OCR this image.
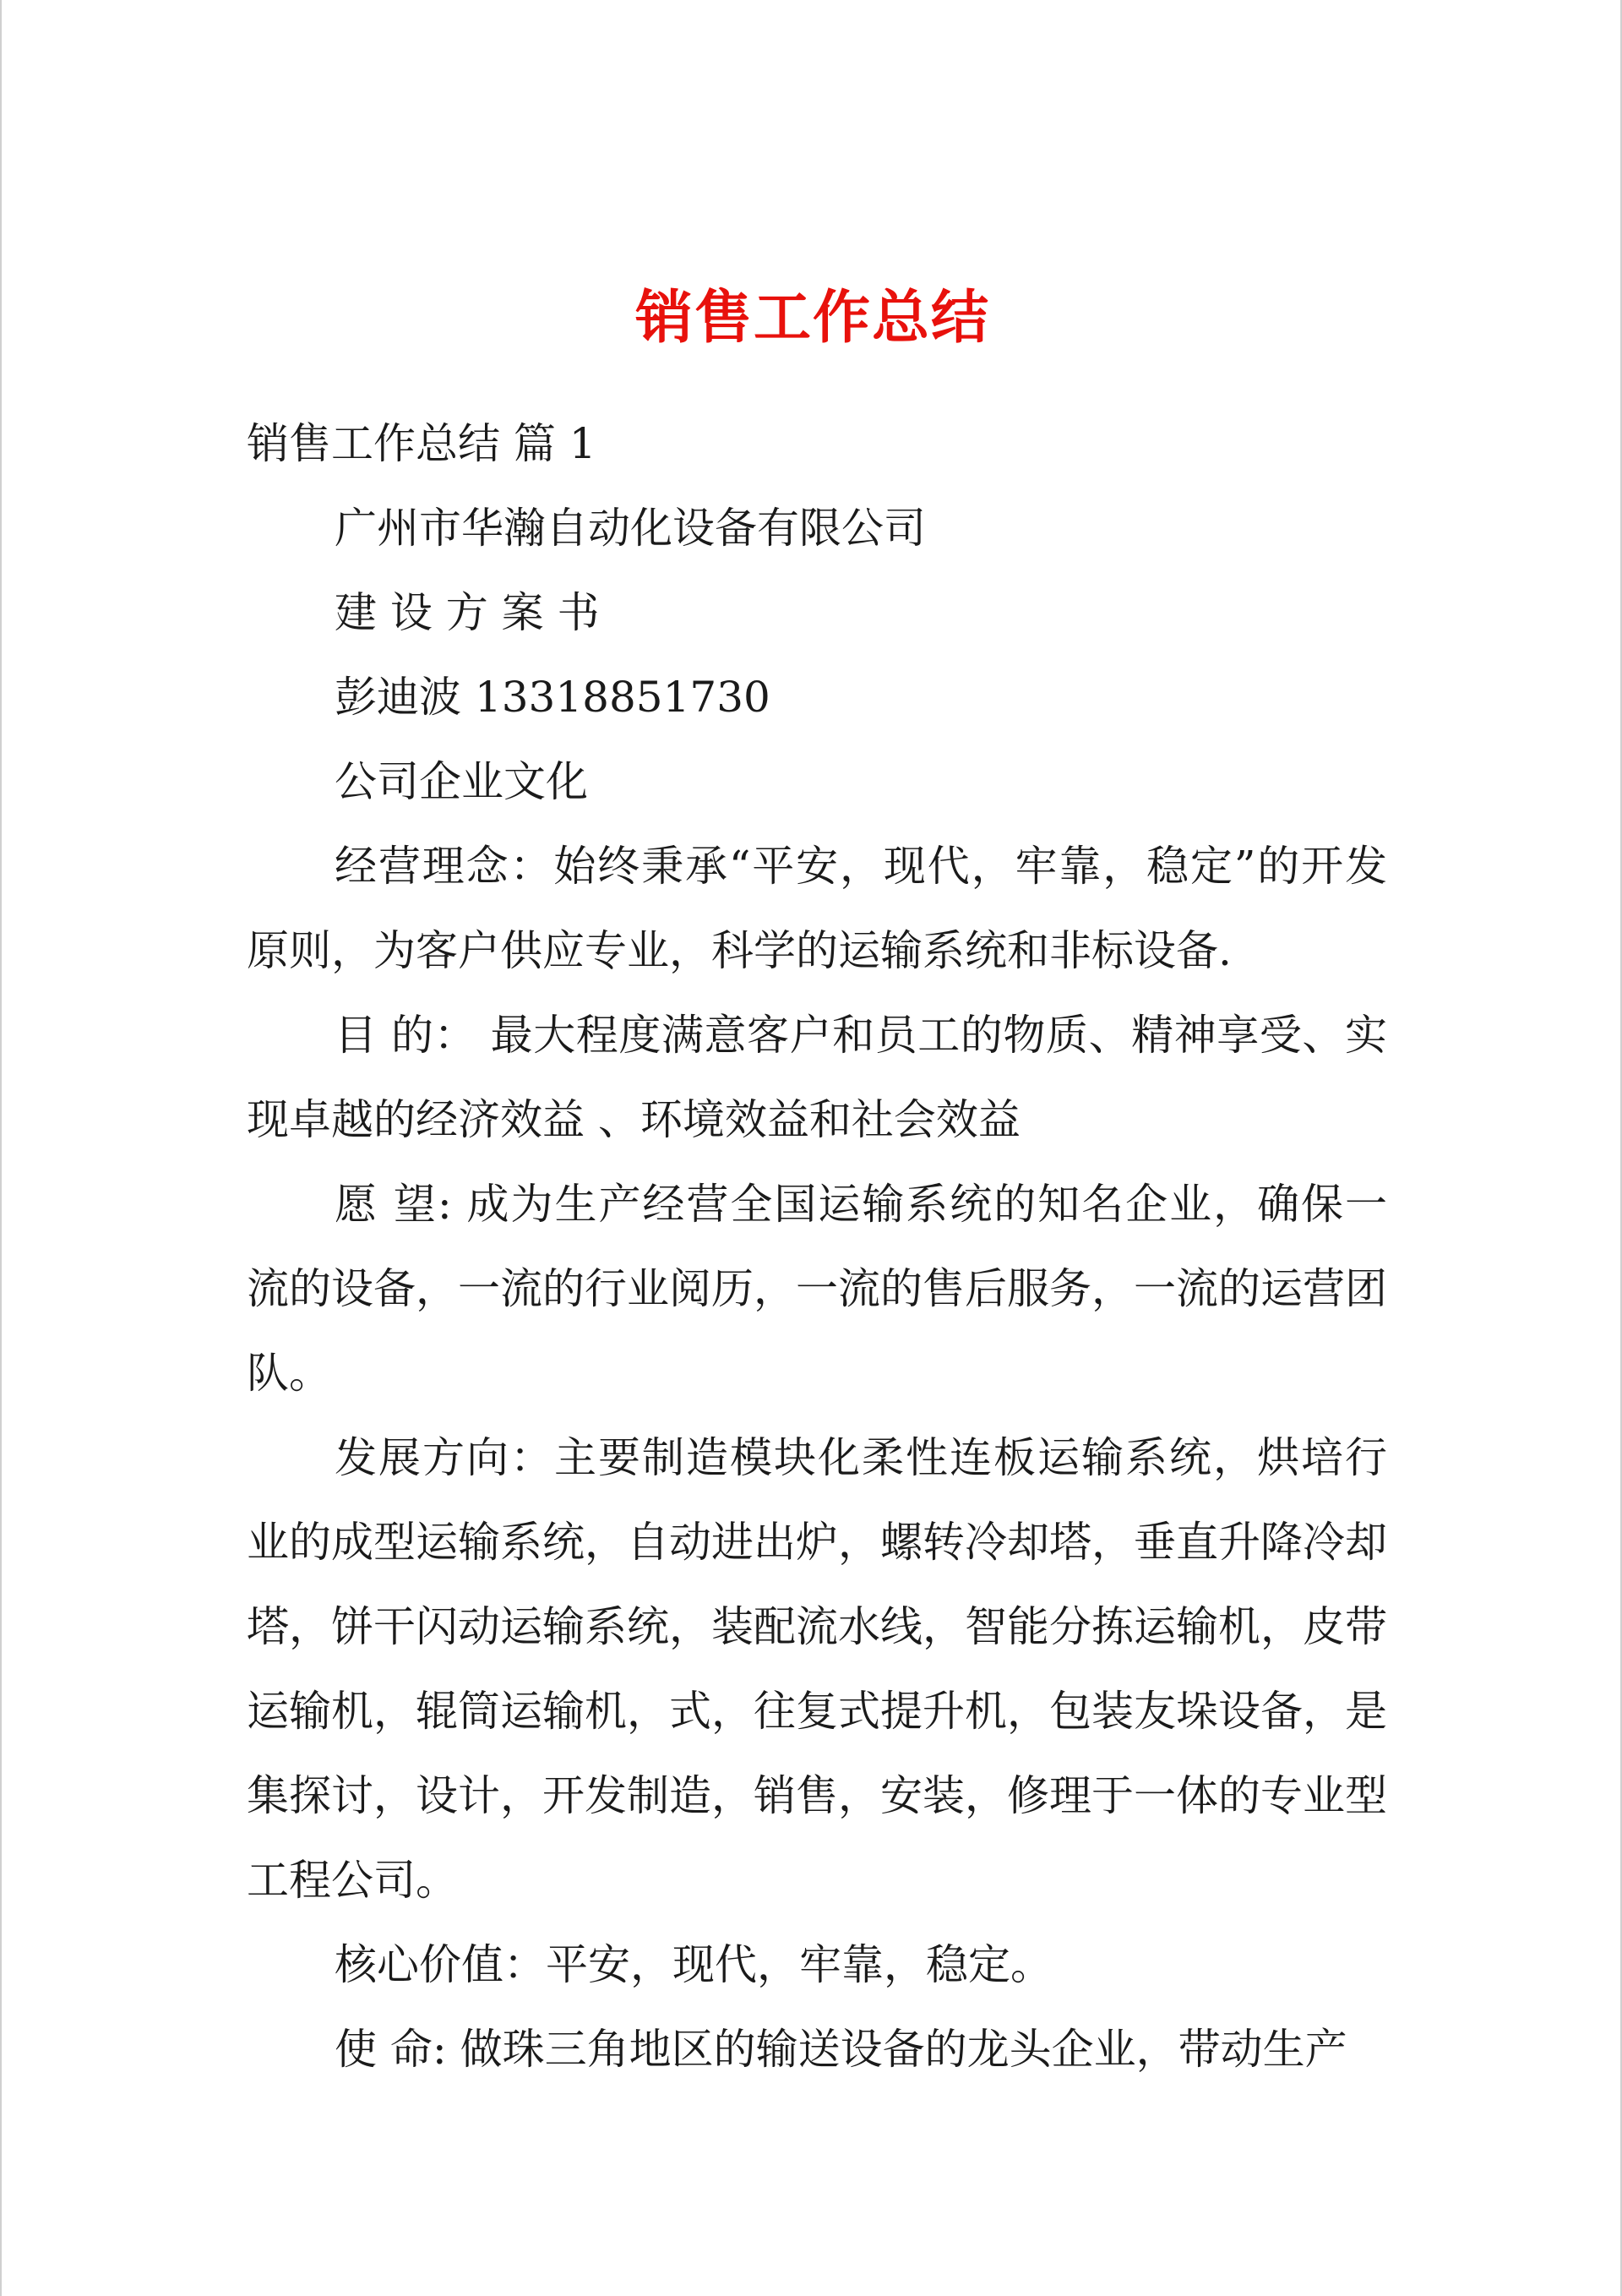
销售工作总结

销售工作总结 篇 1

广州市华瀚自动化设备有限公司

建 设 方 案 书

彭迪波 13318851730

公司企业文化

经营理念：始终秉承“平安，现代，牢靠，稳定”的开发原则，为客户供应专业，科学的运输系统和非标设备.

目 的： 最大程度满意客户和员工的物质、精神享受、实现卓越的经济效益 、环境效益和社会效益

愿 望: 成为生产经营全国运输系统的知名企业，确保一流的设备，一流的行业阅历，一流的售后服务，一流的运营团队。

发展方向：主要制造模块化柔性连板运输系统，烘培行业的成型运输系统，自动进出炉，螺转冷却塔，垂直升降冷却塔，饼干闪动运输系统，装配流水线，智能分拣运输机，皮带运输机，辊筒运输机，式，往复式提升机，包装友垛设备，是集探讨，设计，开发制造，销售，安装，修理于一体的专业型工程公司。

核心价值：平安，现代，牢靠，稳定。

使 命: 做珠三角地区的输送设备的龙头企业，带动生产
